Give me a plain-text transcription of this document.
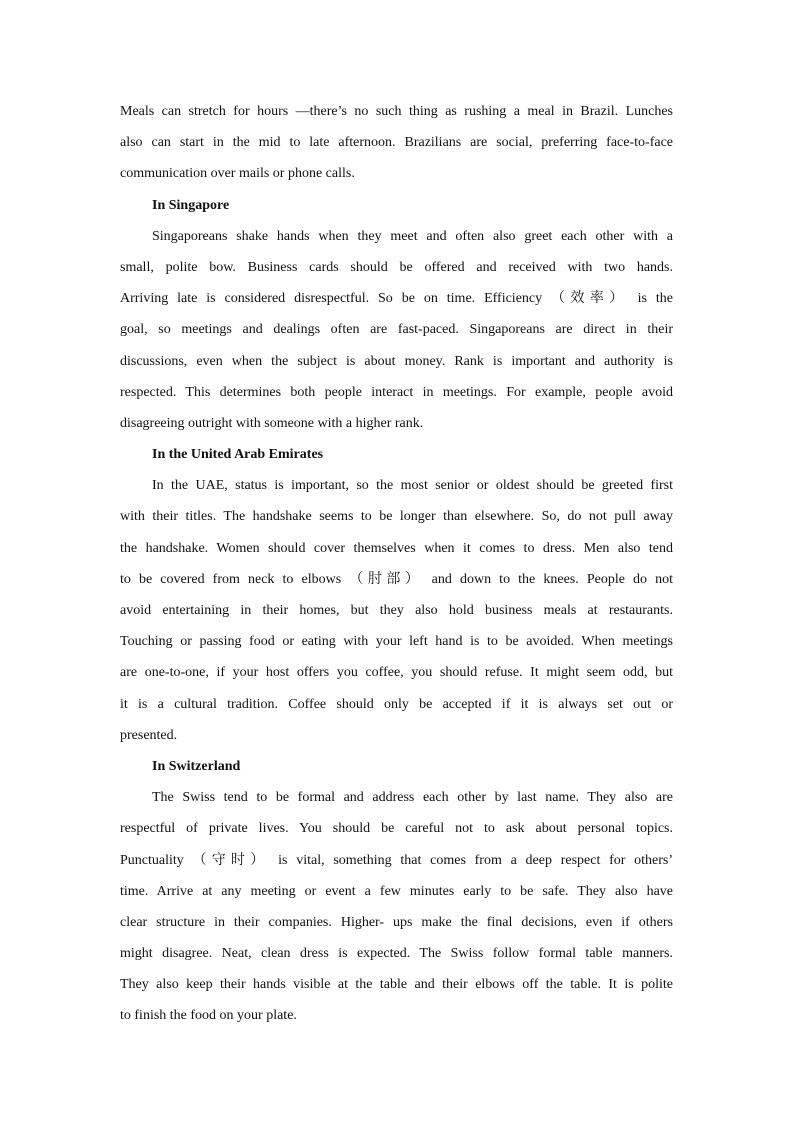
Meals can stretch for hours —there’s no such thing as rushing a meal in Brazil. Lunches
also can start in the mid to late afternoon. Brazilians are social, preferring face-to-face
communication over mails or phone calls.
In Singapore
Singaporeans shake hands when they meet and often also greet each other with a
small, polite bow. Business cards should be offered and received with two hands.
Arriving late is considered disrespectful. So be on time. Efficiency （效率） is the
goal, so meetings and dealings often are fast-paced. Singaporeans are direct in their
discussions, even when the subject is about money. Rank is important and authority is
respected. This determines both people interact in meetings. For example, people avoid
disagreeing outright with someone with a higher rank.
In the United Arab Emirates
In the UAE, status is important, so the most senior or oldest should be greeted first
with their titles. The handshake seems to be longer than elsewhere. So, do not pull away
the handshake. Women should cover themselves when it comes to dress. Men also tend
to be covered from neck to elbows （肘部） and down to the knees. People do not
avoid entertaining in their homes, but they also hold business meals at restaurants.
Touching or passing food or eating with your left hand is to be avoided. When meetings
are one-to-one, if your host offers you coffee, you should refuse. It might seem odd, but
it is a cultural tradition. Coffee should only be accepted if it is always set out or
presented.
In Switzerland
The Swiss tend to be formal and address each other by last name. They also are
respectful of private lives. You should be careful not to ask about personal topics.
Punctuality （守时） is vital, something that comes from a deep respect for others’
time. Arrive at any meeting or event a few minutes early to be safe. They also have
clear structure in their companies. Higher- ups make the final decisions, even if others
might disagree. Neat, clean dress is expected. The Swiss follow formal table manners.
They also keep their hands visible at the table and their elbows off the table. It is polite
to finish the food on your plate.
